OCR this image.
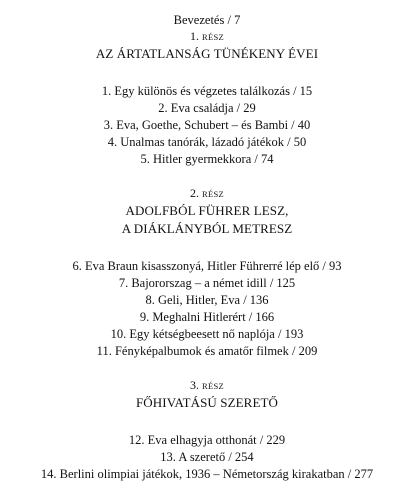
Bevezetés / 7
1. RÉSZ
AZ ÁRTATLANSÁG TÜNÉKENY ÉVEI
1. Egy különös és végzetes találkozás / 15
2. Eva családja / 29
3. Eva, Goethe, Schubert – és Bambi / 40
4. Unalmas tanórák, lázadó játékok / 50
5. Hitler gyermekkora / 74
2. RÉSZ
ADOLFBÓL FÜHRER LESZ,
A DIÁKLÁNYBÓL METRESZ
6. Eva Braun kisasszonyá, Hitler Führerré lép elő / 93
7. Bajororszag – a német idill / 125
8. Geli, Hitler, Eva / 136
9. Meghalni Hitlerért / 166
10. Egy kétségbeesett nő naplója / 193
11. Fényképalbumok és amatőr filmek / 209
3. RÉSZ
FŐHIVATÁSÚ SZERETŐ
12. Eva elhagyja otthonát / 229
13. A szerető / 254
14. Berlini olimpiai játékok, 1936 – Németország kirakatban / 277
